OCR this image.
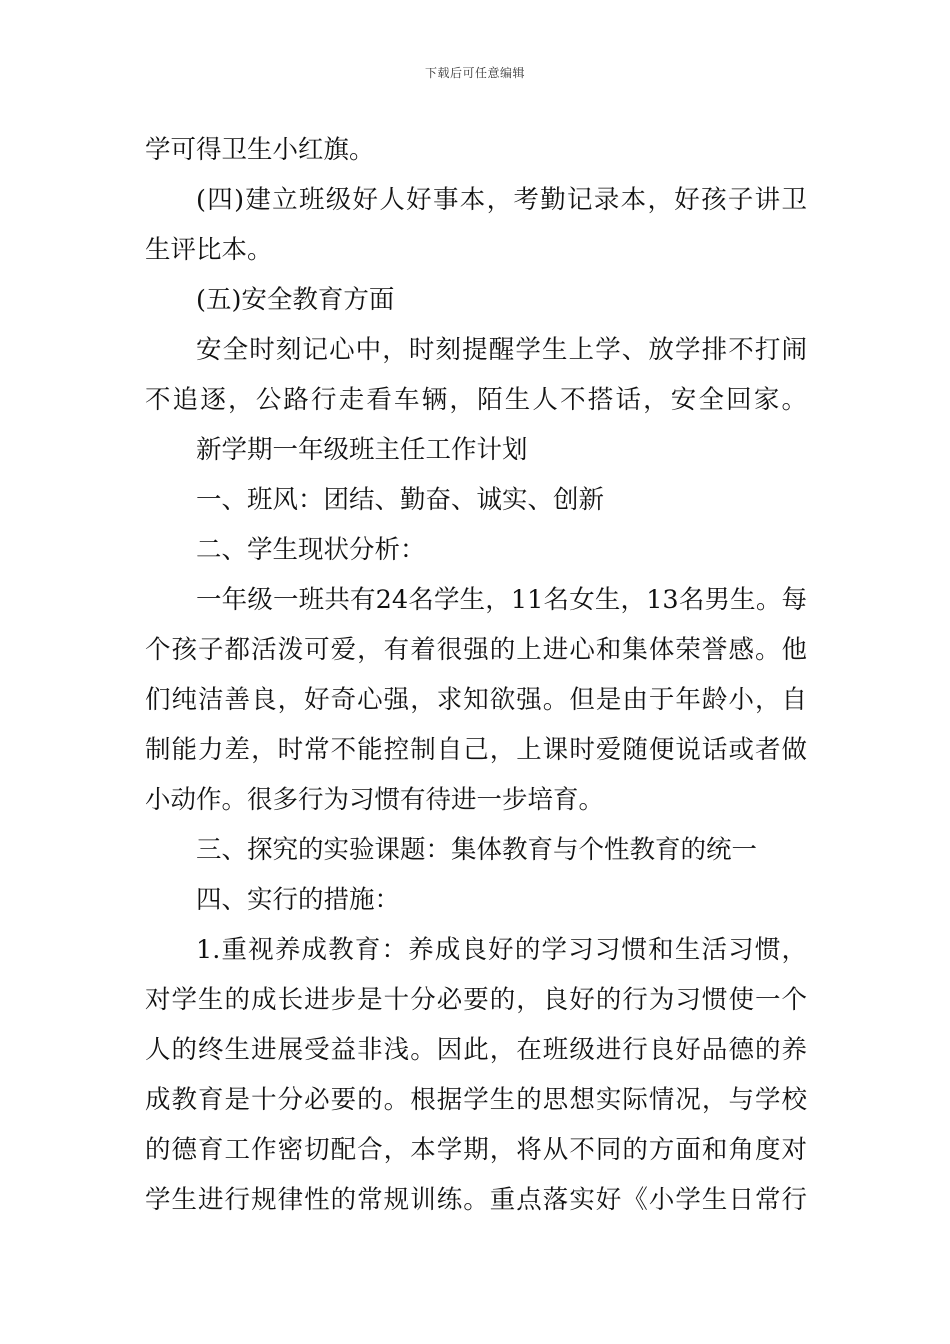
下载后可任意编辑
学可得卫生小红旗。
(四)建立班级好人好事本，考勤记录本，好孩子讲卫
生评比本。
(五)安全教育方面
安全时刻记心中，时刻提醒学生上学、放学排不打闹
不追逐，公路行走看车辆，陌生人不搭话，安全回家。
新学期一年级班主任工作计划
一、班风：团结、勤奋、诚实、创新
二、学生现状分析：
一年级一班共有24名学生，11名女生，13名男生。每
个孩子都活泼可爱，有着很强的上进心和集体荣誉感。他
们纯洁善良，好奇心强，求知欲强。但是由于年龄小，自
制能力差，时常不能控制自己，上课时爱随便说话或者做
小动作。很多行为习惯有待进一步培育。
三、探究的实验课题：集体教育与个性教育的统一
四、实行的措施：
1.重视养成教育：养成良好的学习习惯和生活习惯，
对学生的成长进步是十分必要的，良好的行为习惯使一个
人的终生进展受益非浅。因此，在班级进行良好品德的养
成教育是十分必要的。根据学生的思想实际情况，与学校
的德育工作密切配合，本学期，将从不同的方面和角度对
学生进行规律性的常规训练。重点落实好《小学生日常行
